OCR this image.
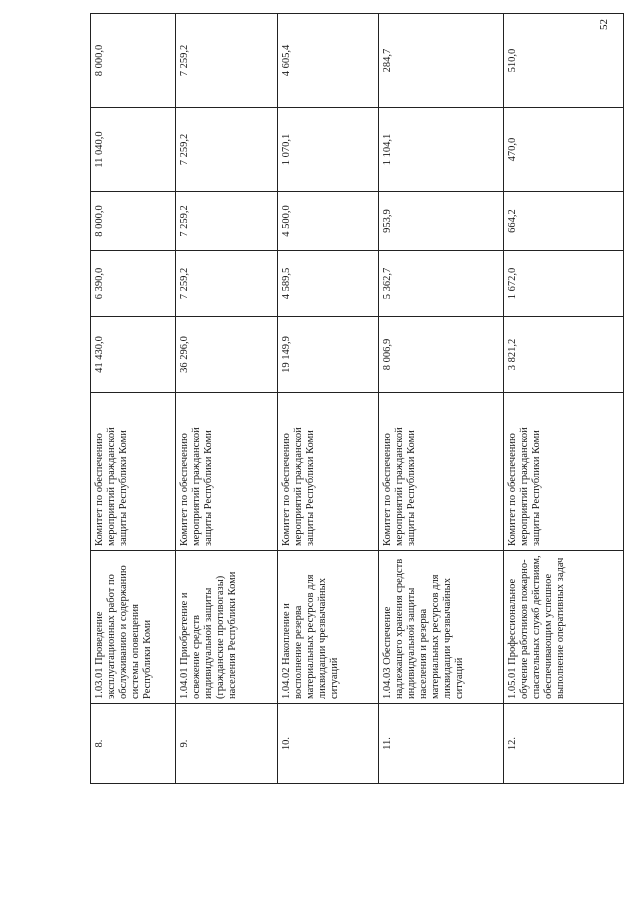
52
8.	1.03.01 Проведение эксплуатационных работ по обслуживанию и содержанию системы оповещения Республики Коми	Комитет по обеспечению мероприятий гражданской защиты Республики Коми	41 430,0	6 390,0	8 000,0	11 040,0	8 000,0	
9.	1.04.01 Приобретение и освежение средств индивидуальной защиты (гражданские противогазы) населения Республики Коми	Комитет по обеспечению мероприятий гражданской защиты Республики Коми	36 296,0	7 259,2	7 259,2	7 259,2	7 259,2	
10.	1.04.02 Накопление и восполнение резерва материальных ресурсов для ликвидации чрезвычайных ситуаций	Комитет по обеспечению мероприятий гражданской защиты Республики Коми	19 149,9	4 589,5	4 500,0	1 070,1	4 605,4	
11.	1.04.03 Обеспечение надлежащего хранения средств индивидуальной защиты населения и резерва материальных ресурсов для ликвидации чрезвычайных ситуаций	Комитет по обеспечению мероприятий гражданской защиты Республики Коми	8 006,9	5 362,7	953,9	1 104,1	284,7	
12.	1.05.01 Профессиональное обучение работников пожарно-спасательных служб действиям, обеспечивающим успешное выполнение оперативных задач	Комитет по обеспечению мероприятий гражданской защиты Республики Коми	3 821,2	1 672,0	664,2	470,0	510,0	
